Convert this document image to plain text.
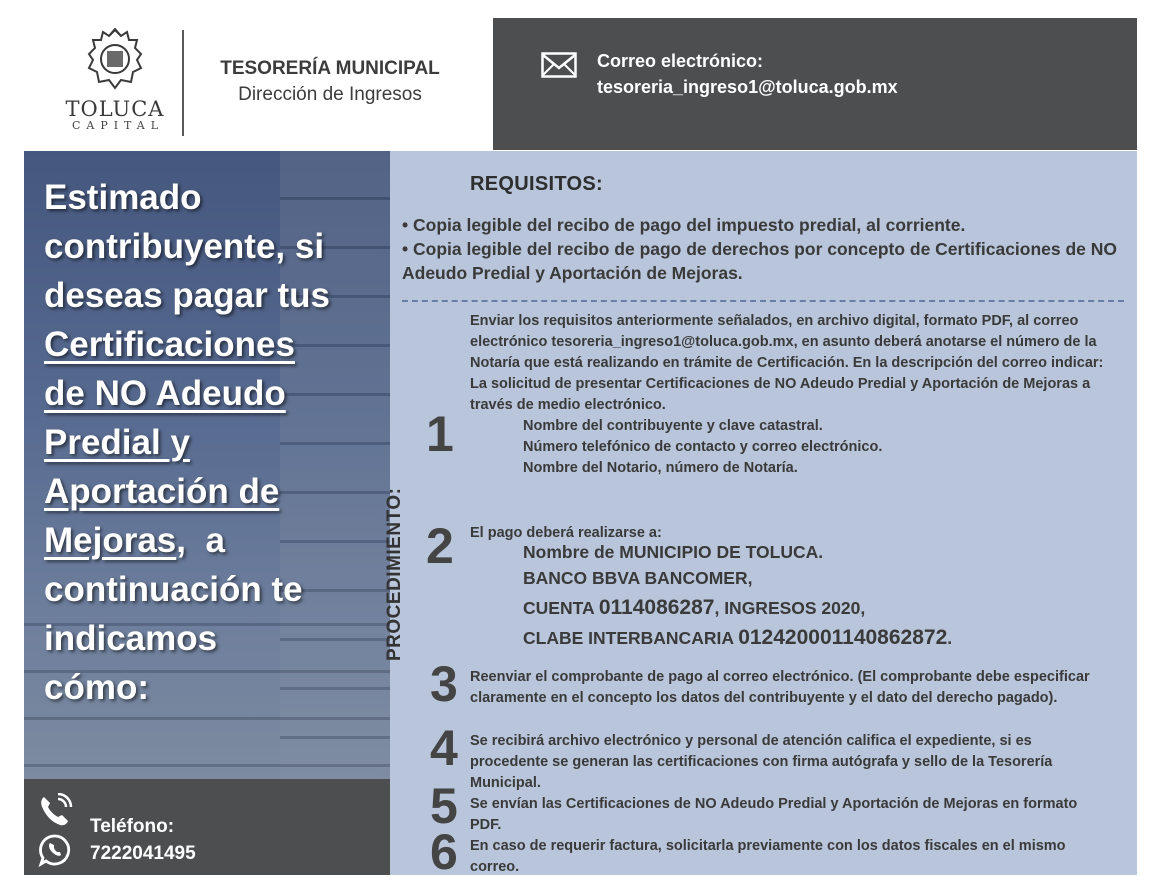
TOLUCA
CAPITAL
TESORERÍA MUNICIPAL
Dirección de Ingresos
Correo electrónico:
tesoreria_ingreso1@toluca.gob.mx
Estimado
contribuyente, si
deseas pagar tus
Certificaciones
de NO Adeudo
Predial y
Aportación de
Mejoras,  a
continuación te
indicamos
cómo:
Teléfono:
7222041495
REQUISITOS:
• Copia legible del recibo de pago del impuesto predial, al corriente.
• Copia legible del recibo de pago de derechos por concepto de Certificaciones de NO Adeudo Predial y Aportación de Mejoras.
PROCEDIMIENTO:
1
Enviar los requisitos anteriormente señalados, en archivo digital, formato PDF, al correo electrónico tesoreria_ingreso1@toluca.gob.mx, en asunto deberá anotarse el número de la Notaría que está realizando en trámite de Certificación. En la descripción del correo indicar:
La solicitud de presentar Certificaciones de NO Adeudo Predial y Aportación de Mejoras a través de medio electrónico.
Nombre del contribuyente y clave catastral.
Número telefónico de contacto y correo electrónico.
Nombre del Notario, número de Notaría.
2 El pago deberá realizarse a:
Nombre de MUNICIPIO DE TOLUCA.
BANCO BBVA BANCOMER,
CUENTA 0114086287, INGRESOS 2020,
CLABE INTERBANCARIA 012420001140862872.
3 Reenviar el comprobante de pago al correo electrónico. (El comprobante debe especificar claramente en el concepto los datos del contribuyente y el dato del derecho pagado).
4 Se recibirá archivo electrónico y personal de atención califica el expediente, si es procedente se generan las certificaciones con firma autógrafa y sello de la Tesorería Municipal.
5 Se envían las Certificaciones de NO Adeudo Predial y Aportación de Mejoras en formato PDF.
6 En caso de requerir factura, solicitarla previamente con los datos fiscales en el mismo correo.
